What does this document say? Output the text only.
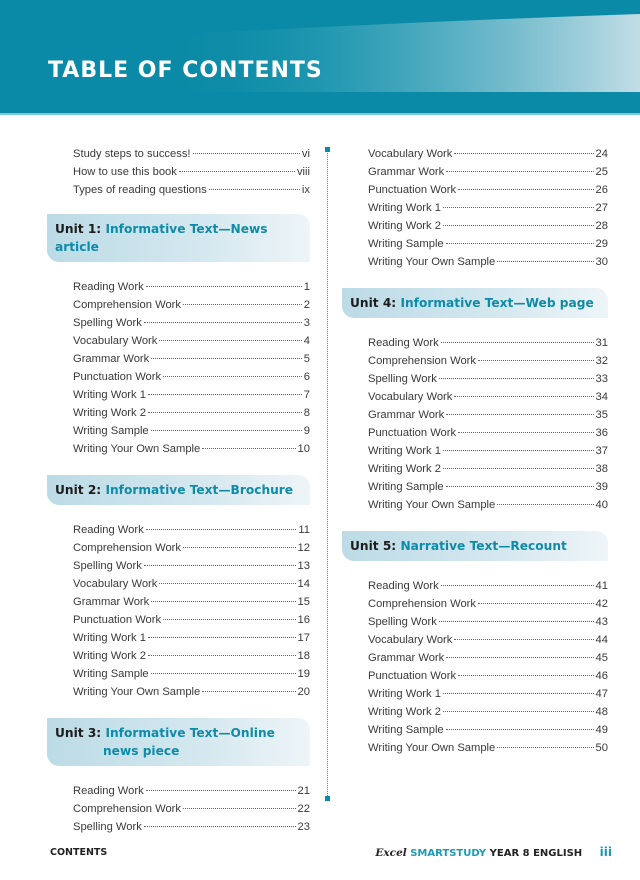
TABLE OF CONTENTS
Study steps to success!	vi
How to use this book	viii
Types of reading questions	ix
Unit 1: Informative Text—News article
Reading Work	1
Comprehension Work	2
Spelling Work	3
Vocabulary Work	4
Grammar Work	5
Punctuation Work	6
Writing Work 1	7
Writing Work 2	8
Writing Sample	9
Writing Your Own Sample	10
Unit 2: Informative Text—Brochure
Reading Work	11
Comprehension Work	12
Spelling Work	13
Vocabulary Work	14
Grammar Work	15
Punctuation Work	16
Writing Work 1	17
Writing Work 2	18
Writing Sample	19
Writing Your Own Sample	20
Unit 3: Informative Text—Online
news piece
Reading Work	21
Comprehension Work	22
Spelling Work	23
Vocabulary Work	24
Grammar Work	25
Punctuation Work	26
Writing Work 1	27
Writing Work 2	28
Writing Sample	29
Writing Your Own Sample	30
Unit 4: Informative Text—Web page
Reading Work	31
Comprehension Work	32
Spelling Work	33
Vocabulary Work	34
Grammar Work	35
Punctuation Work	36
Writing Work 1	37
Writing Work 2	38
Writing Sample	39
Writing Your Own Sample	40
Unit 5: Narrative Text—Recount
Reading Work	41
Comprehension Work	42
Spelling Work	43
Vocabulary Work	44
Grammar Work	45
Punctuation Work	46
Writing Work 1	47
Writing Work 2	48
Writing Sample	49
Writing Your Own Sample	50
CONTENTS	Excel SMARTSTUDY YEAR 8 ENGLISH iii
